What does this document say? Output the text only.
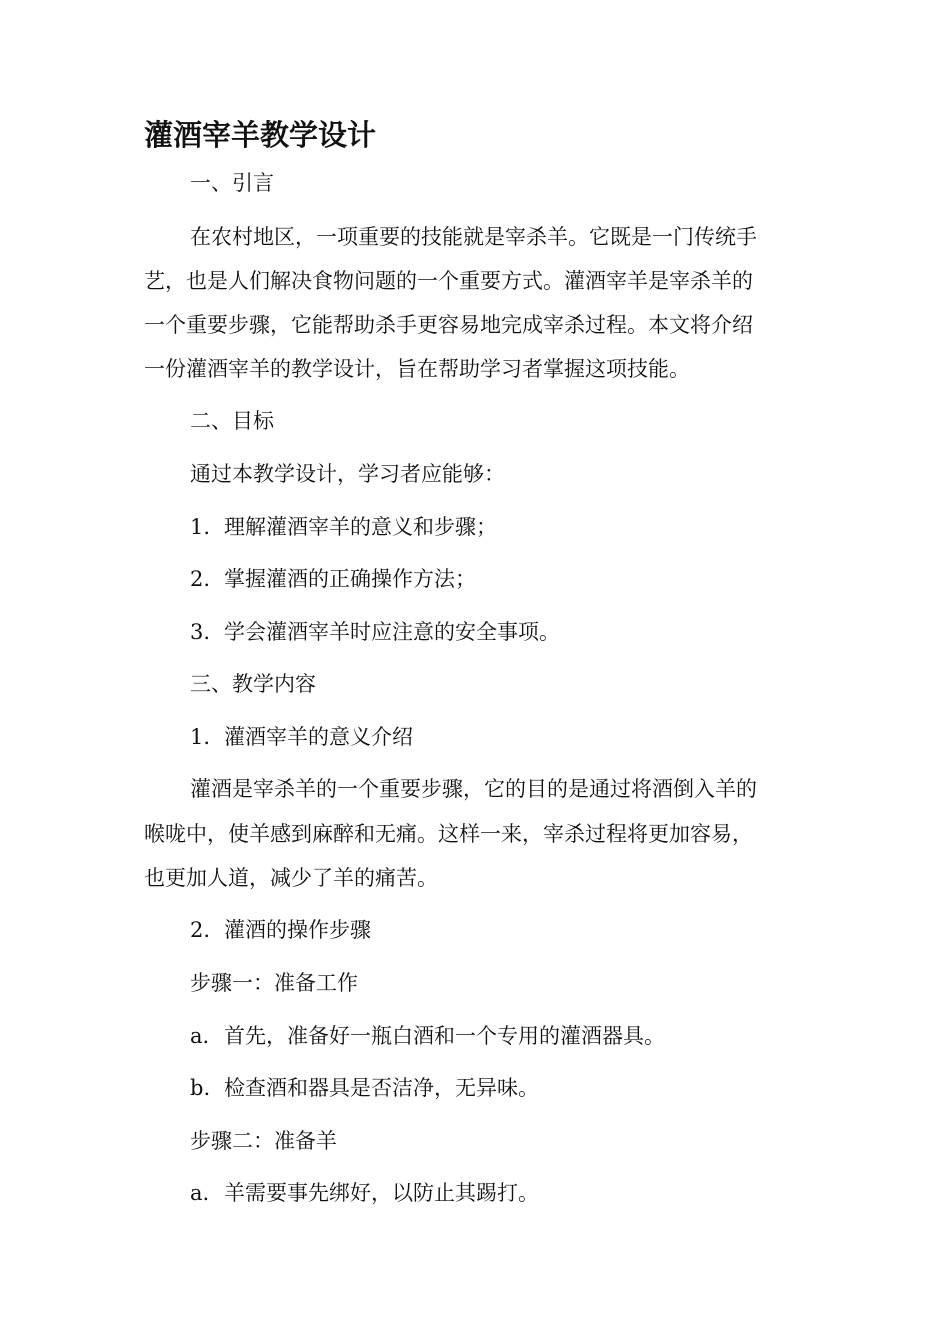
灌酒宰羊教学设计
一、引言
在农村地区，一项重要的技能就是宰杀羊。它既是一门传统手
艺，也是人们解决食物问题的一个重要方式。灌酒宰羊是宰杀羊的
一个重要步骤，它能帮助杀手更容易地完成宰杀过程。本文将介绍
一份灌酒宰羊的教学设计，旨在帮助学习者掌握这项技能。
二、目标
通过本教学设计，学习者应能够：
1. 理解灌酒宰羊的意义和步骤；
2. 掌握灌酒的正确操作方法；
3. 学会灌酒宰羊时应注意的安全事项。
三、教学内容
1. 灌酒宰羊的意义介绍
灌酒是宰杀羊的一个重要步骤，它的目的是通过将酒倒入羊的
喉咙中，使羊感到麻醉和无痛。这样一来，宰杀过程将更加容易，
也更加人道，减少了羊的痛苦。
2. 灌酒的操作步骤
步骤一：准备工作
a. 首先，准备好一瓶白酒和一个专用的灌酒器具。
b. 检查酒和器具是否洁净，无异味。
步骤二：准备羊
a. 羊需要事先绑好，以防止其踢打。
